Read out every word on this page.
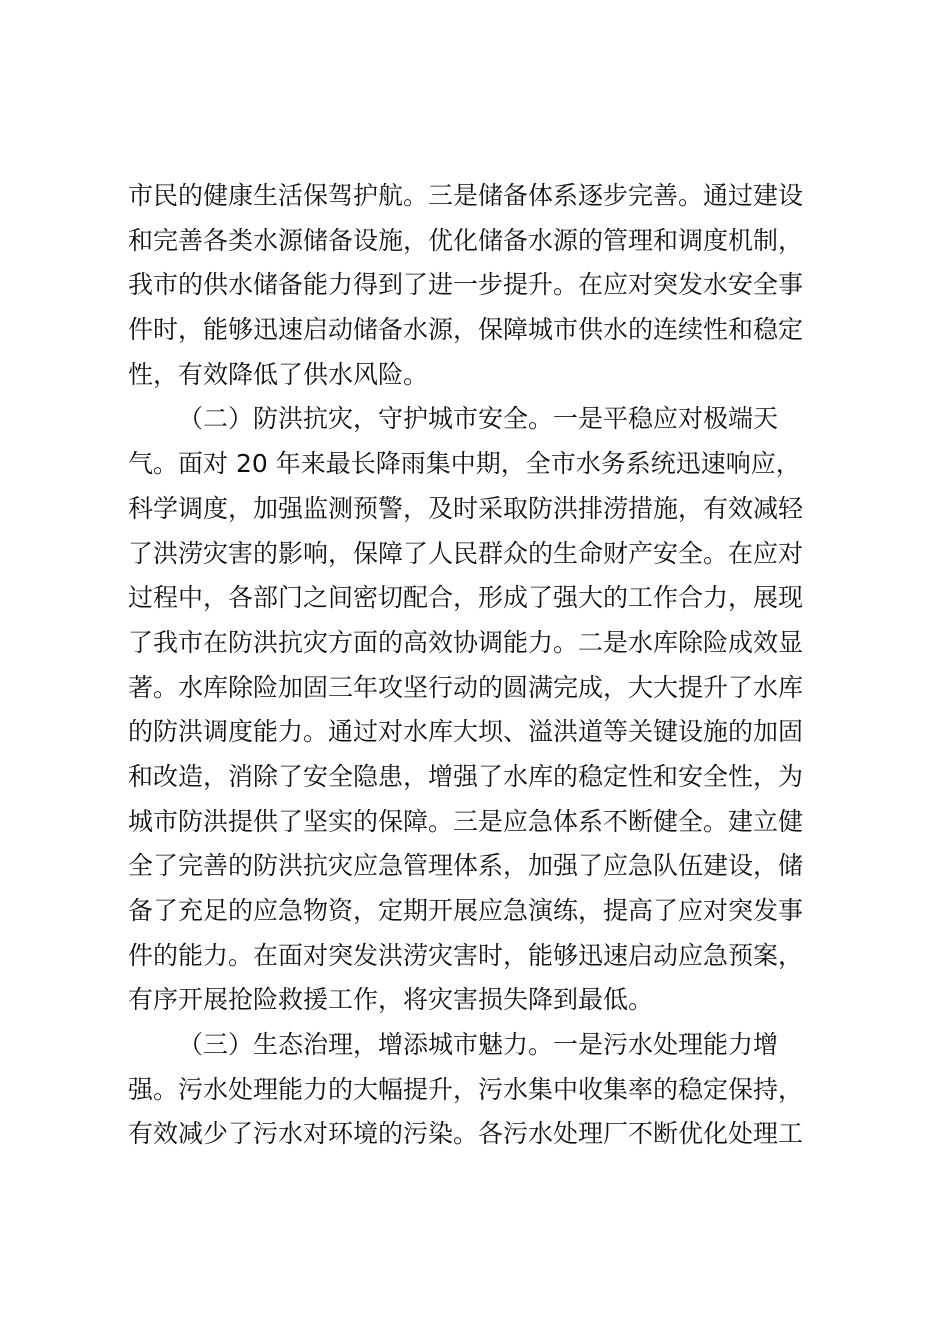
市民的健康生活保驾护航。三是储备体系逐步完善。通过建设
和完善各类水源储备设施，优化储备水源的管理和调度机制，
我市的供水储备能力得到了进一步提升。在应对突发水安全事
件时，能够迅速启动储备水源，保障城市供水的连续性和稳定
性，有效降低了供水风险。
（二）防洪抗灾，守护城市安全。一是平稳应对极端天
气。面对 20 年来最长降雨集中期，全市水务系统迅速响应，
科学调度，加强监测预警，及时采取防洪排涝措施，有效减轻
了洪涝灾害的影响，保障了人民群众的生命财产安全。在应对
过程中，各部门之间密切配合，形成了强大的工作合力，展现
了我市在防洪抗灾方面的高效协调能力。二是水库除险成效显
著。水库除险加固三年攻坚行动的圆满完成，大大提升了水库
的防洪调度能力。通过对水库大坝、溢洪道等关键设施的加固
和改造，消除了安全隐患，增强了水库的稳定性和安全性，为
城市防洪提供了坚实的保障。三是应急体系不断健全。建立健
全了完善的防洪抗灾应急管理体系，加强了应急队伍建设，储
备了充足的应急物资，定期开展应急演练，提高了应对突发事
件的能力。在面对突发洪涝灾害时，能够迅速启动应急预案，
有序开展抢险救援工作，将灾害损失降到最低。
（三）生态治理，增添城市魅力。一是污水处理能力增
强。污水处理能力的大幅提升，污水集中收集率的稳定保持，
有效减少了污水对环境的污染。各污水处理厂不断优化处理工
